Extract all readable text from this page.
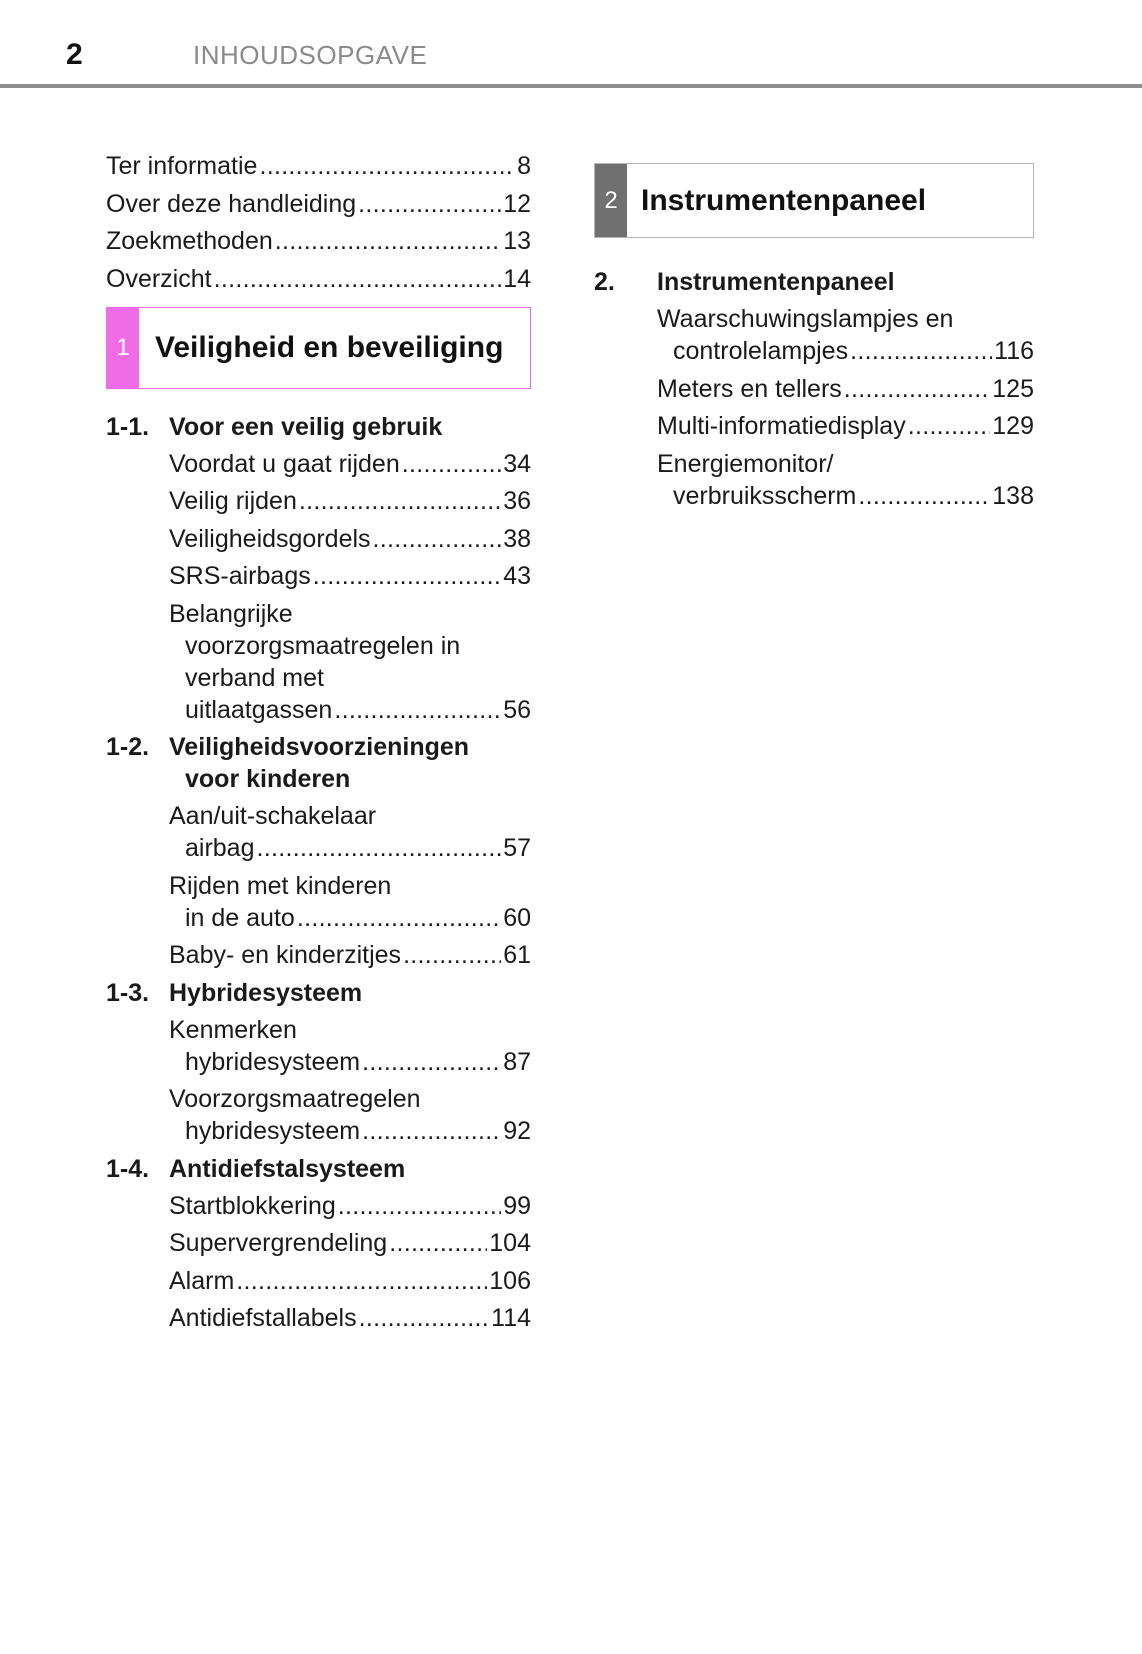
2	INHOUDSOPGAVE
Ter informatie .....	8
Over deze handleiding .....	12
Zoekmethoden .....	13
Overzicht .....	14
1 Veiligheid en beveiliging
1-1. Voor een veilig gebruik
Voordat u gaat rijden .....	34
Veilig rijden .....	36
Veiligheidsgordels .....	38
SRS-airbags .....	43
Belangrijke
voorzorgsmaatregelen in
verband met
uitlaatgassen .....	56
1-2. Veiligheidsvoorzieningen
voor kinderen
Aan/uit-schakelaar
airbag .....	57
Rijden met kinderen
in de auto .....	60
Baby- en kinderzitjes .....	61
1-3. Hybridesysteem
Kenmerken
hybridesysteem .....	87
Voorzorgsmaatregelen
hybridesysteem .....	92
1-4. Antidiefstalsysteem
Startblokkering .....	99
Supervergrendeling .....	104
Alarm .....	106
Antidiefstallabels .....	114
2 Instrumentenpaneel
2.	Instrumentenpaneel
Waarschuwingslampjes en
controlelampjes .....	116
Meters en tellers .....	125
Multi-informatiedisplay .....	129
Energiemonitor/
verbruiksscherm .....	138
